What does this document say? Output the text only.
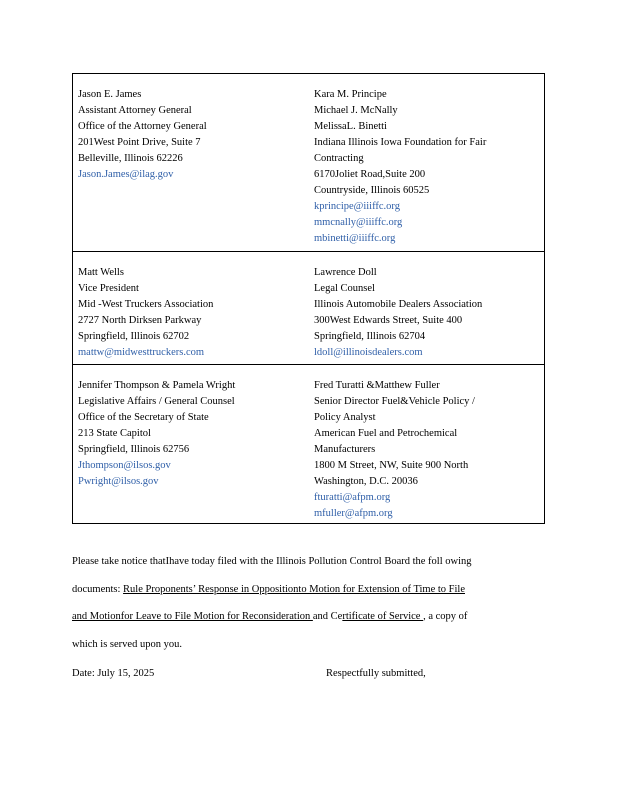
Jason E. James
Assistant Attorney General
Office of the Attorney General
201West Point Drive, Suite 7
Belleville, Illinois 62226
Jason.James@ilag.gov
Kara M. Principe
Michael J. McNally
MelissaL. Binetti
Indiana Illinois Iowa Foundation for Fair
Contracting
6170Joliet Road,Suite 200
Countryside, Illinois 60525
kprincipe@iiiffc.org
mmcnally@iiiffc.org
mbinetti@iiiffc.org
Matt Wells
Vice President
Mid -West Truckers Association
2727 North Dirksen Parkway
Springfield, Illinois 62702
mattw@midwesttruckers.com
Lawrence Doll
Legal Counsel
Illinois Automobile Dealers Association
300West Edwards Street, Suite 400
Springfield, Illinois 62704
ldoll@illinoisdealers.com
Jennifer Thompson & Pamela Wright
Legislative Affairs / General Counsel
Office of the Secretary of State
213 State Capitol
Springfield, Illinois 62756
Jthompson@ilsos.gov
Pwright@ilsos.gov
Fred Turatti &Matthew Fuller
Senior Director Fuel&Vehicle Policy /
Policy Analyst
American Fuel and Petrochemical
Manufacturers
1800 M Street, NW, Suite 900 North
Washington, D.C. 20036
fturatti@afpm.org
mfuller@afpm.org
Please take notice thatIhave today filed with the Illinois Pollution Control Board the foll owing
documents: Rule Proponents’ Response in Oppositionto Motion for Extension of Time to File
and Motionfor Leave to File Motion for Reconsideration and Certificate of Service , a copy of
which is served upon you.
Date: July 15, 2025	Respectfully submitted,
